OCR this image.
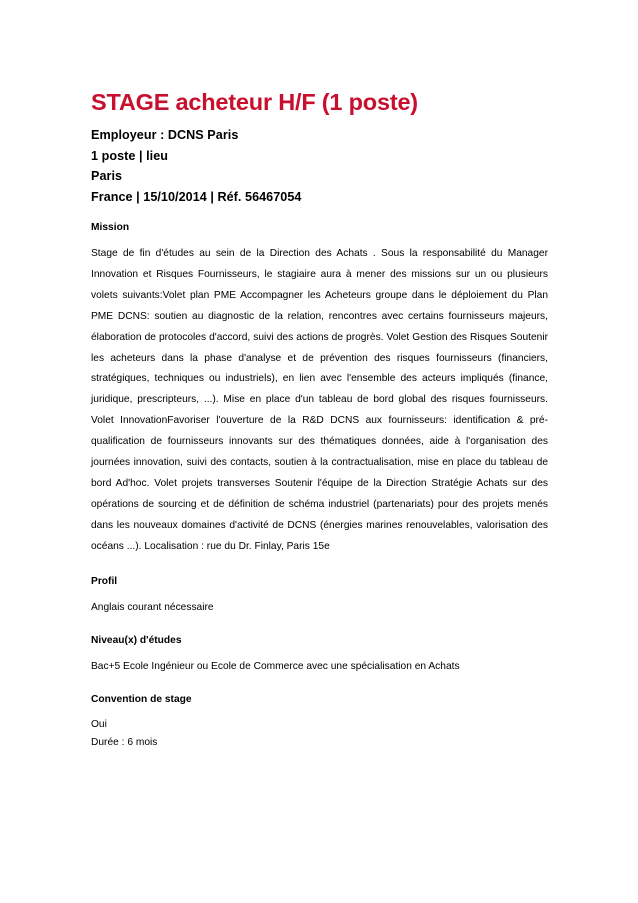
STAGE acheteur H/F (1 poste)
Employeur : DCNS Paris
1 poste | lieu
Paris
France | 15/10/2014 | Réf. 56467054
Mission

Stage de fin d'études au sein de la Direction des Achats . Sous la responsabilité du Manager Innovation et Risques Fournisseurs, le stagiaire aura à mener des missions sur un ou plusieurs volets suivants:Volet plan PME Accompagner les Acheteurs groupe dans le déploiement du Plan PME DCNS: soutien au diagnostic de la relation, rencontres avec certains fournisseurs majeurs, élaboration de protocoles d'accord, suivi des actions de progrès. Volet Gestion des Risques Soutenir les acheteurs dans la phase d'analyse et de prévention des risques fournisseurs (financiers, stratégiques, techniques ou industriels), en lien avec l'ensemble des acteurs impliqués (finance, juridique, prescripteurs, ...). Mise en place d'un tableau de bord global des risques fournisseurs. Volet InnovationFavoriser l'ouverture de la R&D DCNS aux fournisseurs: identification & pré-qualification de fournisseurs innovants sur des thématiques données, aide à l'organisation des journées innovation, suivi des contacts, soutien à la contractualisation, mise en place du tableau de bord Ad'hoc. Volet projets transverses Soutenir l'équipe de la Direction Stratégie Achats sur des opérations de sourcing et de définition de schéma industriel (partenariats) pour des projets menés dans les nouveaux domaines d'activité de DCNS (énergies marines renouvelables, valorisation des océans ...). Localisation : rue du Dr. Finlay, Paris 15e

Profil

Anglais courant nécessaire

Niveau(x) d'études

Bac+5 Ecole Ingénieur ou Ecole de Commerce avec une spécialisation en Achats

Convention de stage

Oui

Durée : 6 mois
